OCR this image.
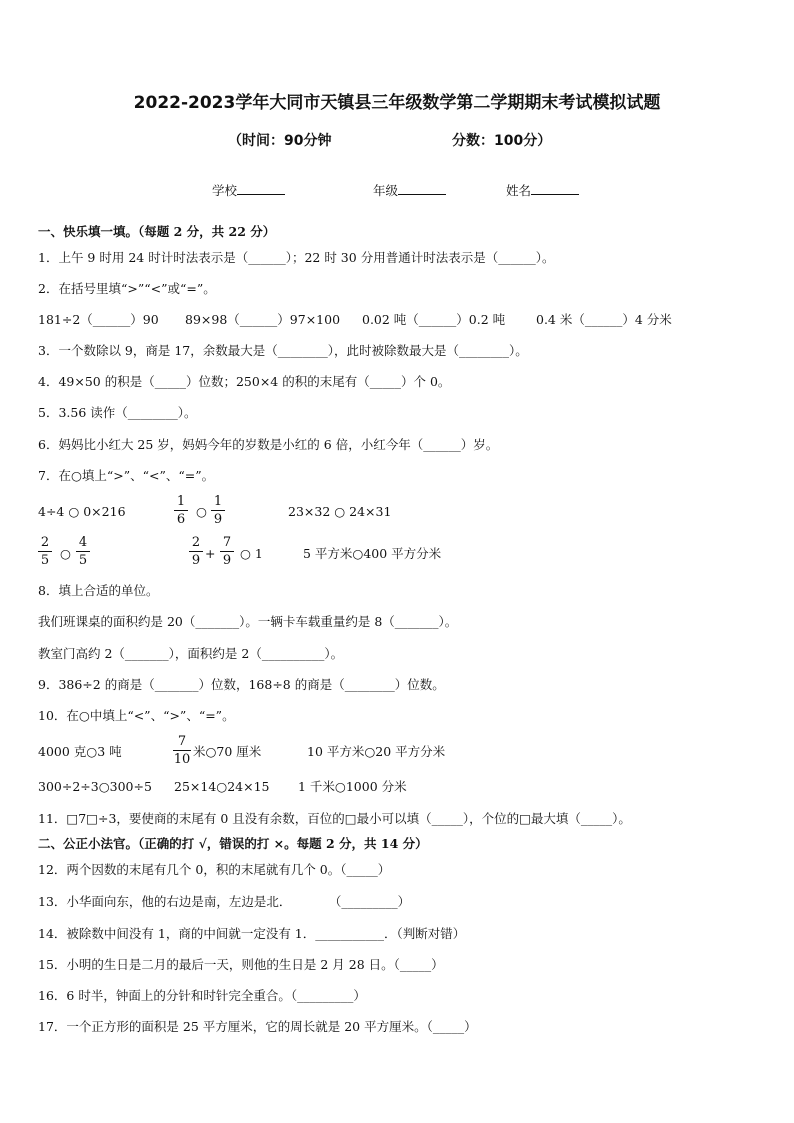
2022-2023学年大同市天镇县三年级数学第二学期期末考试模拟试题
（时间：90分钟	分数：100分）
学校	年级	姓名
一、快乐填一填。（每题 2 分，共 22 分）
1．上午 9 时用 24 时计时法表示是（______）；22 时 30 分用普通计时法表示是（______）。
2．在括号里填“>”“<”或“=”。
181÷2（______）90 89×98（______）97×100 0.02 吨（______）0.2 吨 0.4 米（______）4 分米
3．一个数除以 9，商是 17，余数最大是（________），此时被除数最大是（________）。
4．49×50 的积是（_____）位数；250×4 的积的末尾有（_____）个 0。
5．3.56 读作（________）。
6．妈妈比小红大 25 岁，妈妈今年的岁数是小红的 6 倍，小红今年（______）岁。
7．在○填上“>”、“<”、“=”。
4÷4 ○ 0×216	$\frac{1}{6}$ ○ $\frac{1}{9}$	23×32 ○ 24×31
$\frac{2}{5}$ ○ $\frac{4}{5}$	$\frac{2}{9} + \frac{7}{9}$ ○ 1	5 平方米○400 平方分米
8．填上合适的单位。
我们班课桌的面积约是 20（_______）。一辆卡车载重量约是 8（_______）。
教室门高约 2（_______），面积约是 2（__________）。
9．386÷2 的商是（_______）位数，168÷8 的商是（________）位数。
10．在○中填上“<”、“>”、“=”。
4000 克○3 吨	$\frac{7}{10}$ 米○70 厘米	10 平方米○20 平方分米
300÷2÷3○300÷5 25×14○24×15 1 千米○1000 分米
11．□7□÷3，要使商的末尾有 0 且没有余数，百位的□最小可以填（_____），个位的□最大填（_____）。
二、公正小法官。（正确的打 √，错误的打 ×。每题 2 分，共 14 分）
12．两个因数的末尾有几个 0，积的末尾就有几个 0。（_____）
13．小华面向东，他的右边是南，左边是北．　　　　（_________）
14．被除数中间没有 1，商的中间就一定没有 1．___________．（判断对错）
15．小明的生日是二月的最后一天，则他的生日是 2 月 28 日。（_____）
16．6 时半，钟面上的分针和时针完全重合。（_________）
17．一个正方形的面积是 25 平方厘米，它的周长就是 20 平方厘米。（_____）
